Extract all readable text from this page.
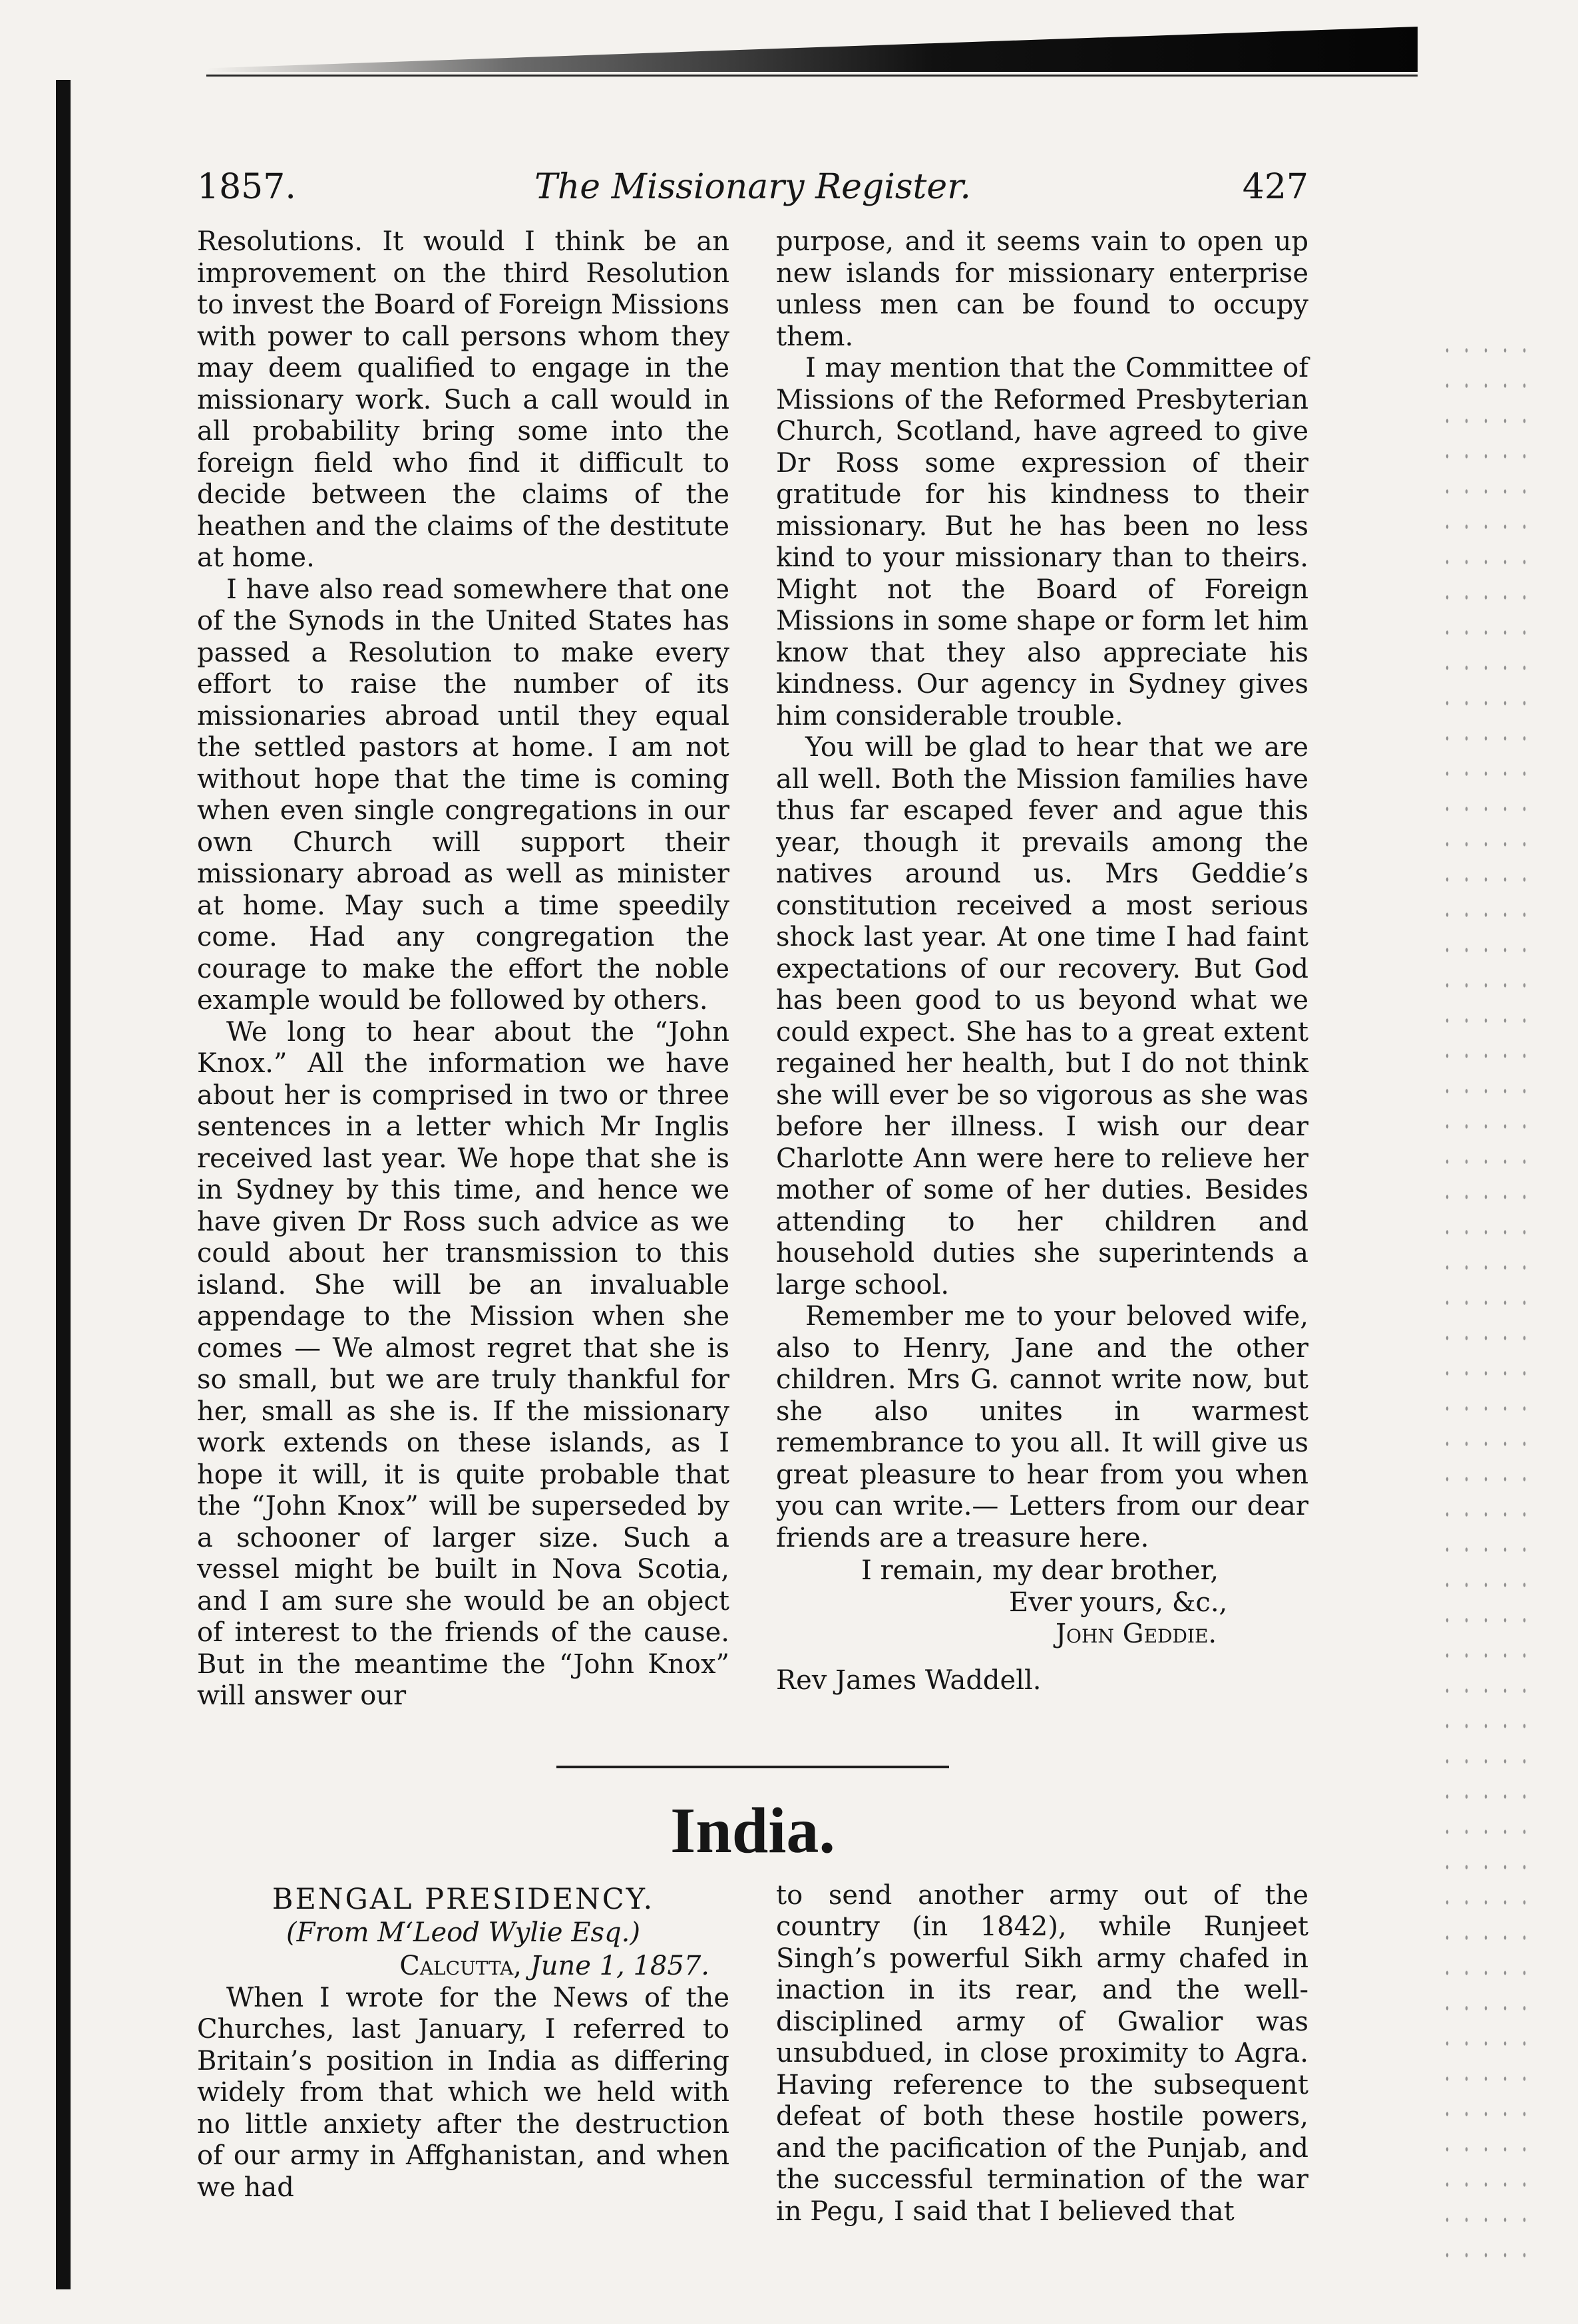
1857.	The Missionary Register.	427

Resolutions. It would I think be an improvement on the third Resolution to invest the Board of Foreign Missions with power to call persons whom they may deem qualified to engage in the missionary work. Such a call would in all probability bring some into the foreign field who find it difficult to decide between the claims of the heathen and the claims of the destitute at home.

I have also read somewhere that one of the Synods in the United States has passed a Resolution to make every effort to raise the number of its missionaries abroad until they equal the settled pastors at home. I am not without hope that the time is coming when even single congregations in our own Church will support their missionary abroad as well as minister at home. May such a time speedily come. Had any congregation the courage to make the effort the noble example would be followed by others.

We long to hear about the “John Knox.” All the information we have about her is comprised in two or three sentences in a letter which Mr Inglis received last year. We hope that she is in Sydney by this time, and hence we have given Dr Ross such advice as we could about her transmission to this island. She will be an invaluable appendage to the Mission when she comes — We almost regret that she is so small, but we are truly thankful for her, small as she is. If the missionary work extends on these islands, as I hope it will, it is quite probable that the “John Knox” will be superseded by a schooner of larger size. Such a vessel might be built in Nova Scotia, and I am sure she would be an object of interest to the friends of the cause. But in the meantime the “John Knox” will answer our

purpose, and it seems vain to open up new islands for missionary enterprise unless men can be found to occupy them.

I may mention that the Committee of Missions of the Reformed Presbyterian Church, Scotland, have agreed to give Dr Ross some expression of their gratitude for his kindness to their missionary. But he has been no less kind to your missionary than to theirs. Might not the Board of Foreign Missions in some shape or form let him know that they also appreciate his kindness. Our agency in Sydney gives him considerable trouble.

You will be glad to hear that we are all well. Both the Mission families have thus far escaped fever and ague this year, though it prevails among the natives around us. Mrs Geddie’s constitution received a most serious shock last year. At one time I had faint expectations of our recovery. But God has been good to us beyond what we could expect. She has to a great extent regained her health, but I do not think she will ever be so vigorous as she was before her illness. I wish our dear Charlotte Ann were here to relieve her mother of some of her duties. Besides attending to her children and household duties she superintends a large school.

Remember me to your beloved wife, also to Henry, Jane and the other children. Mrs G. cannot write now, but she also unites in warmest remembrance to you all. It will give us great pleasure to hear from you when you can write.— Letters from our dear friends are a treasure here.

I remain, my dear brother,
Ever yours, &c.,
John Geddie.
Rev James Waddell.
India.
BENGAL PRESIDENCY.
(From M‘Leod Wylie Esq.)
Calcutta, June 1, 1857.

When I wrote for the News of the Churches, last January, I referred to Britain’s position in India as differing widely from that which we held with no little anxiety after the destruction of our army in Affghanistan, and when we had

to send another army out of the country (in 1842), while Runjeet Singh’s powerful Sikh army chafed in inaction in its rear, and the well-disciplined army of Gwalior was unsubdued, in close proximity to Agra. Having reference to the subsequent defeat of both these hostile powers, and the pacification of the Punjab, and the successful termination of the war in Pegu, I said that I believed that
